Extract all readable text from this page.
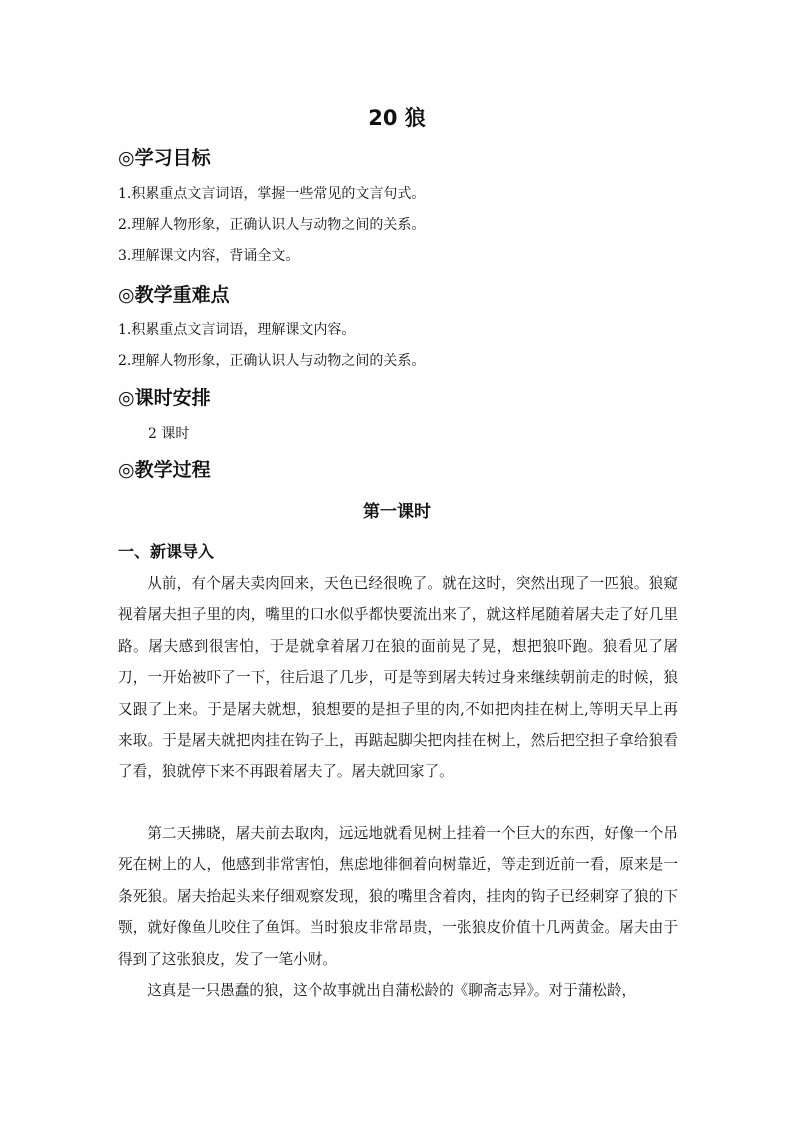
20 狼
◎学习目标
1.积累重点文言词语，掌握一些常见的文言句式。
2.理解人物形象，正确认识人与动物之间的关系。
3.理解课文内容，背诵全文。
◎教学重难点
1.积累重点文言词语，理解课文内容。
2.理解人物形象，正确认识人与动物之间的关系。
◎课时安排
2 课时
◎教学过程
第一课时
一、新课导入

从前，有个屠夫卖肉回来，天色已经很晚了。就在这时，突然出现了一匹狼。狼窥视着屠夫担子里的肉，嘴里的口水似乎都快要流出来了，就这样尾随着屠夫走了好几里路。屠夫感到很害怕，于是就拿着屠刀在狼的面前晃了晃，想把狼吓跑。狼看见了屠刀，一开始被吓了一下，往后退了几步，可是等到屠夫转过身来继续朝前走的时候，狼又跟了上来。于是屠夫就想，狼想要的是担子里的肉,不如把肉挂在树上,等明天早上再来取。于是屠夫就把肉挂在钩子上，再踮起脚尖把肉挂在树上，然后把空担子拿给狼看了看，狼就停下来不再跟着屠夫了。屠夫就回家了。

第二天拂晓，屠夫前去取肉，远远地就看见树上挂着一个巨大的东西，好像一个吊死在树上的人，他感到非常害怕，焦虑地徘徊着向树靠近，等走到近前一看，原来是一条死狼。屠夫抬起头来仔细观察发现，狼的嘴里含着肉，挂肉的钩子已经刺穿了狼的下颚，就好像鱼儿咬住了鱼饵。当时狼皮非常昂贵，一张狼皮价值十几两黄金。屠夫由于得到了这张狼皮，发了一笔小财。

这真是一只愚蠢的狼，这个故事就出自蒲松龄的《聊斋志异》。对于蒲松龄，
